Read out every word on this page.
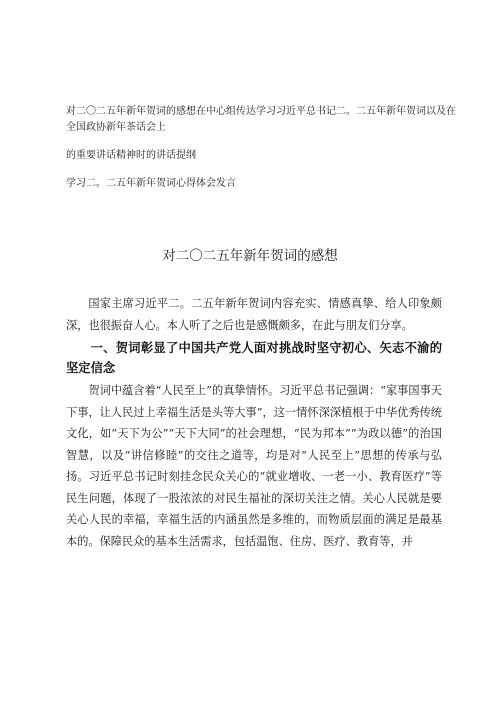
对二〇二五年新年贺词的感想在中心组传达学习习近平总书记二。二五年新年贺词以及在全国政协新年茶话会上

的重要讲话精神时的讲话提纲

学习二。二五年新年贺词心得体会发言

对二〇二五年新年贺词的感想

国家主席习近平二。二五年新年贺词内容充实、情感真挚、给人印象颇深，也很振奋人心。本人听了之后也是感慨颇多，在此与朋友们分享。

一、贺词彰显了中国共产党人面对挑战时坚守初心、矢志不渝的坚定信念

贺词中蕴含着“人民至上”的真挚情怀。习近平总书记强调：“家事国事天下事，让人民过上幸福生活是头等大事”，这一情怀深深植根于中华优秀传统文化，如“天下为公”“天下大同”的社会理想，“民为邦本”“为政以德”的治国智慧，以及“讲信修睦”的交往之道等，均是对“人民至上”思想的传承与弘扬。习近平总书记时刻挂念民众关心的“就业增收、一老一小、教育医疗”等民生问题，体现了一股浓浓的对民生福祉的深切关注之情。关心人民就是要关心人民的幸福，幸福生活的内涵虽然是多维的，而物质层面的满足是最基本的。保障民众的基本生活需求，包括温饱、住房、医疗、教育等，并
